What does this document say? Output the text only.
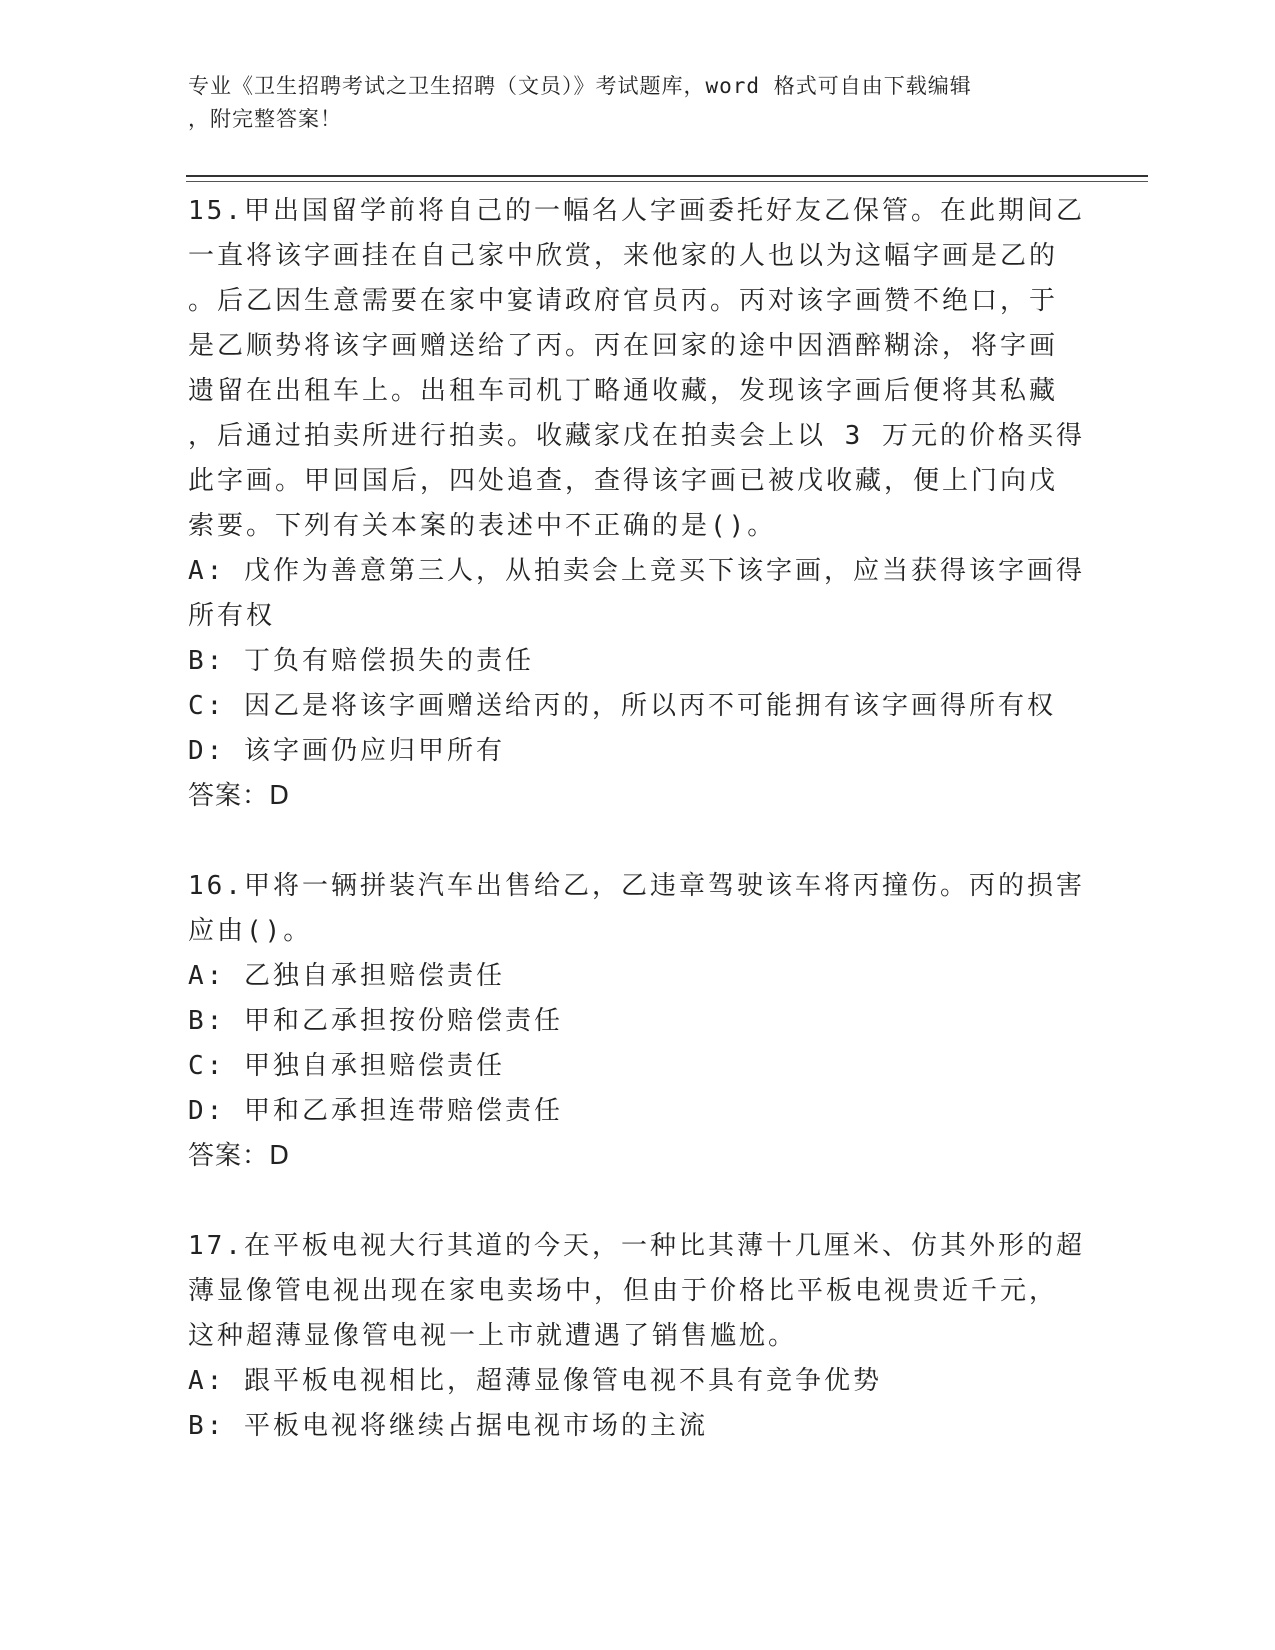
专业《卫生招聘考试之卫生招聘（文员）》考试题库，word 格式可自由下载编辑
，附完整答案！
15.甲出国留学前将自己的一幅名人字画委托好友乙保管。在此期间乙
一直将该字画挂在自己家中欣赏，来他家的人也以为这幅字画是乙的
。后乙因生意需要在家中宴请政府官员丙。丙对该字画赞不绝口，于
是乙顺势将该字画赠送给了丙。丙在回家的途中因酒醉糊涂，将字画
遗留在出租车上。出租车司机丁略通收藏，发现该字画后便将其私藏
，后通过拍卖所进行拍卖。收藏家戊在拍卖会上以 3 万元的价格买得
此字画。甲回国后，四处追查，查得该字画已被戊收藏，便上门向戊
索要。下列有关本案的表述中不正确的是()。
A: 戊作为善意第三人，从拍卖会上竞买下该字画，应当获得该字画得
所有权
B: 丁负有赔偿损失的责任
C: 因乙是将该字画赠送给丙的，所以丙不可能拥有该字画得所有权
D: 该字画仍应归甲所有
答案：D
16.甲将一辆拼装汽车出售给乙，乙违章驾驶该车将丙撞伤。丙的损害
应由()。
A: 乙独自承担赔偿责任
B: 甲和乙承担按份赔偿责任
C: 甲独自承担赔偿责任
D: 甲和乙承担连带赔偿责任
答案：D
17.在平板电视大行其道的今天，一种比其薄十几厘米、仿其外形的超
薄显像管电视出现在家电卖场中，但由于价格比平板电视贵近千元，
这种超薄显像管电视一上市就遭遇了销售尴尬。
A: 跟平板电视相比，超薄显像管电视不具有竞争优势
B: 平板电视将继续占据电视市场的主流
